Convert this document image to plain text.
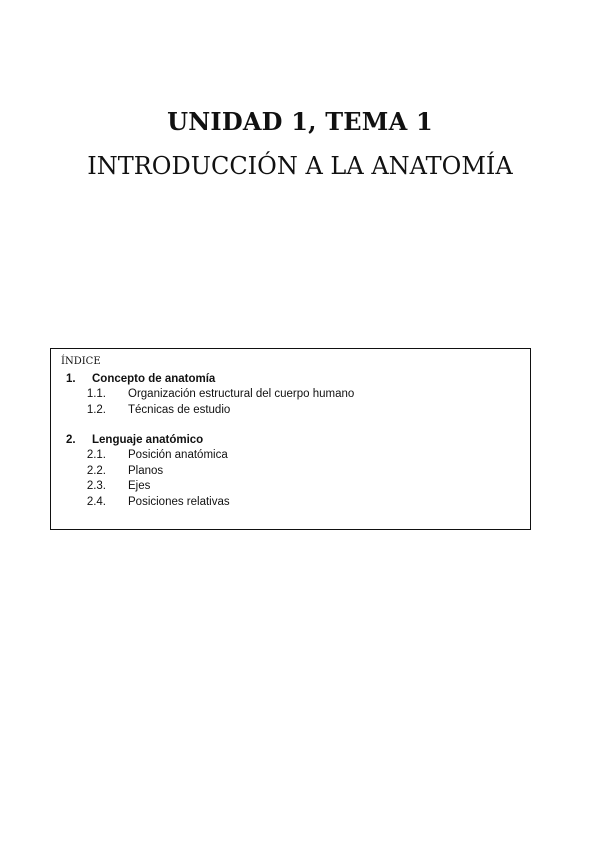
UNIDAD 1, TEMA 1
INTRODUCCIÓN A LA ANATOMÍA

ÍNDICE

1. Concepto de anatomía
1.1. Organización estructural del cuerpo humano
1.2. Técnicas de estudio
2. Lenguaje anatómico
2.1. Posición anatómica
2.2. Planos
2.3. Ejes
2.4. Posiciones relativas
